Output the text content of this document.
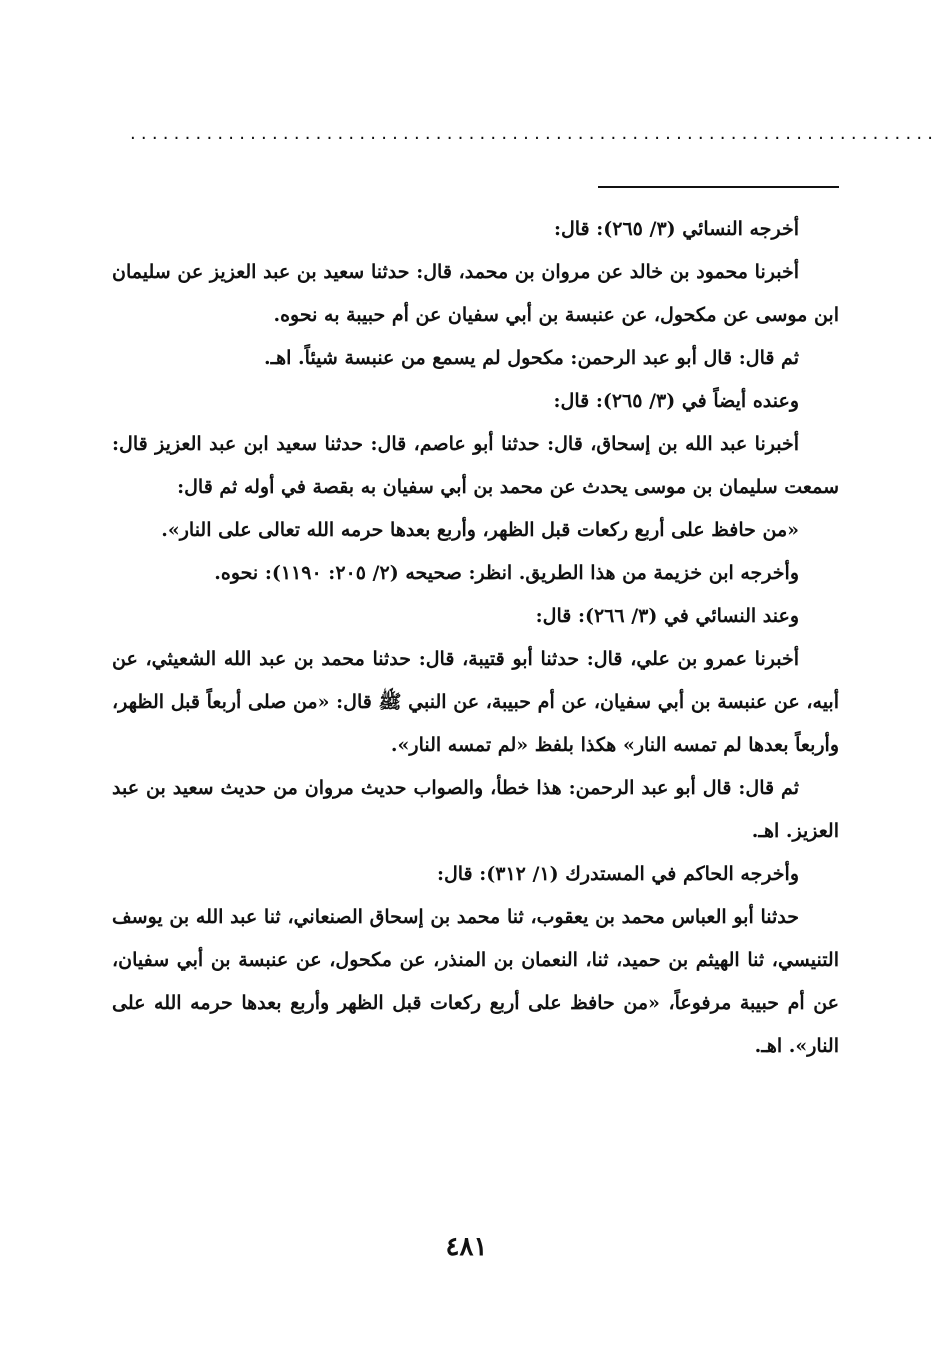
..........................................................................

أخرجه النسائي (٣/ ٢٦٥): قال:

أخبرنا محمود بن خالد عن مروان بن محمد، قال: حدثنا سعيد بن عبد العزيز عن سليمان ابن موسى عن مكحول، عن عنبسة بن أبي سفيان عن أم حبيبة به نحوه.

ثم قال: قال أبو عبد الرحمن: مكحول لم يسمع من عنبسة شيئاً. اهـ.

وعنده أيضاً في (٣/ ٢٦٥): قال:

أخبرنا عبد الله بن إسحاق، قال: حدثنا أبو عاصم، قال: حدثنا سعيد ابن عبد العزيز قال: سمعت سليمان بن موسى يحدث عن محمد بن أبي سفيان به بقصة في أوله ثم قال:

«من حافظ على أربع ركعات قبل الظهر، وأربع بعدها حرمه الله تعالى على النار».

وأخرجه ابن خزيمة من هذا الطريق. انظر: صحيحه (٢/ ٢٠٥: ١١٩٠): نحوه.

وعند النسائي في (٣/ ٢٦٦): قال:

أخبرنا عمرو بن علي، قال: حدثنا أبو قتيبة، قال: حدثنا محمد بن عبد الله الشعيثي، عن أبيه، عن عنبسة بن أبي سفيان، عن أم حبيبة، عن النبي ﷺ قال: «من صلى أربعاً قبل الظهر، وأربعاً بعدها لم تمسه النار» هكذا بلفظ «لم تمسه النار».

ثم قال: قال أبو عبد الرحمن: هذا خطأ، والصواب حديث مروان من حديث سعيد بن عبد العزيز. اهـ.

وأخرجه الحاكم في المستدرك (١/ ٣١٢): قال:

حدثنا أبو العباس محمد بن يعقوب، ثنا محمد بن إسحاق الصنعاني، ثنا عبد الله بن يوسف التنيسي، ثنا الهيثم بن حميد، ثنا، النعمان بن المنذر، عن مكحول، عن عنبسة بن أبي سفيان، عن أم حبيبة مرفوعاً، «من حافظ على أربع ركعات قبل الظهر وأربع بعدها حرمه الله على النار». اهـ.

٤٨١
